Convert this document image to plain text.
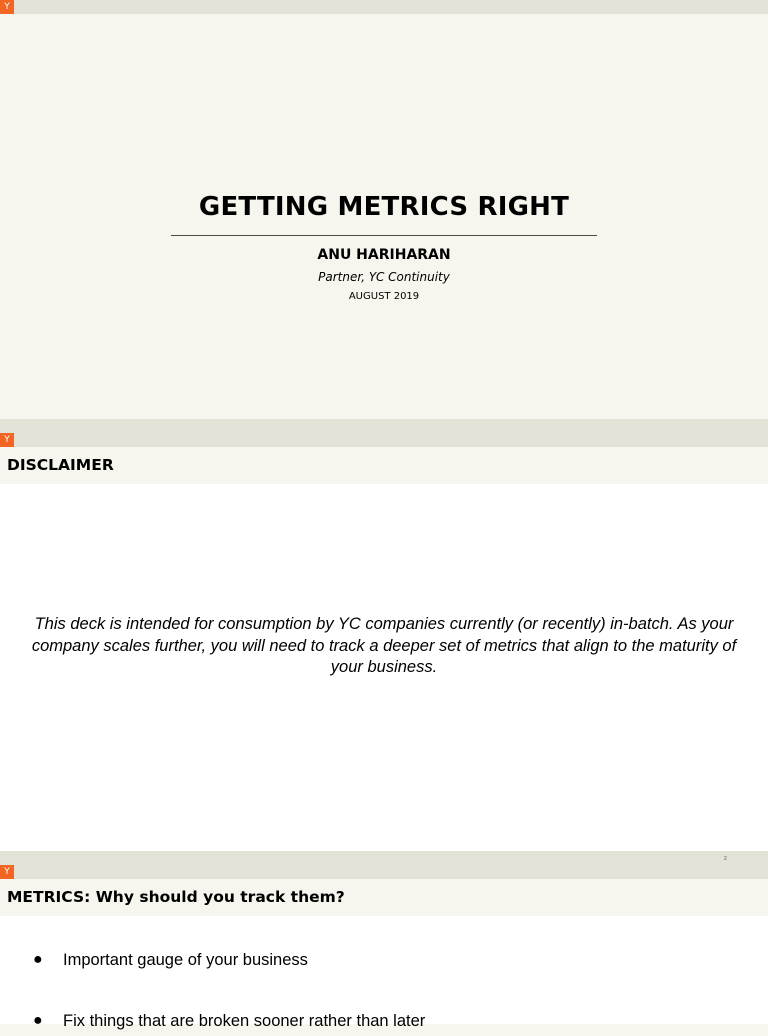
Y
GETTING METRICS RIGHT
ANU HARIHARAN
Partner, YC Continuity
AUGUST 2019
Y
DISCLAIMER
This deck is intended for consumption by YC companies currently (or recently) in-batch. As your company scales further, you will need to track a deeper set of metrics that align to the maturity of your business.
2
Y
METRICS: Why should you track them?
● Important gauge of your business
● Fix things that are broken sooner rather than later
